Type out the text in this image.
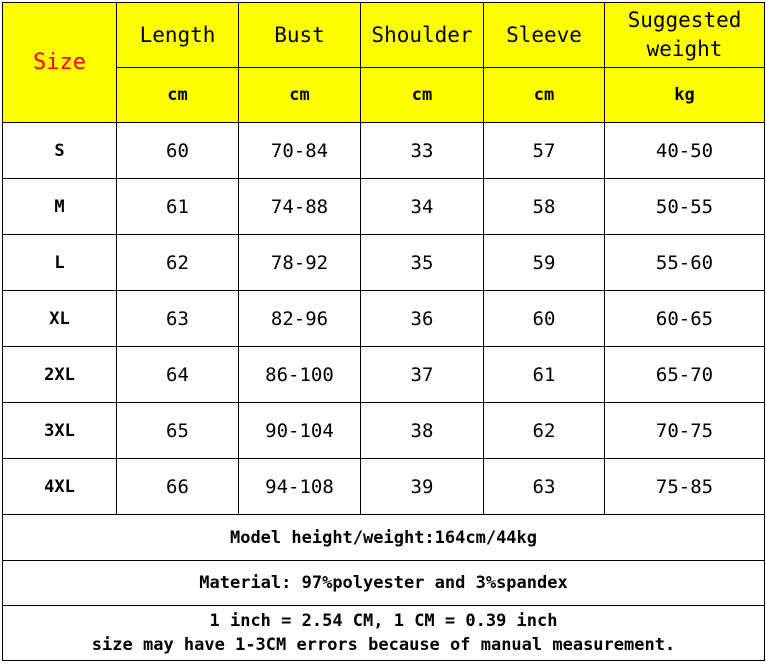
Size	Length	Bust	Shoulder	Sleeve	Suggested
weight

	cm	cm	cm	cm	kg
S	60	70-84	33	57	40-50
M	61	74-88	34	58	50-55
L	62	78-92	35	59	55-60
XL	63	82-96	36	60	60-65
2XL	64	86-100	37	61	65-70
3XL	65	90-104	38	62	70-75
4XL	66	94-108	39	63	75-85
Model height/weight:164cm/44kg					
Material: 97%polyester and 3%spandex					

1 inch = 2.54 CM, 1 CM = 0.39 inch
size may have 1-3CM errors because of manual measurement.					
